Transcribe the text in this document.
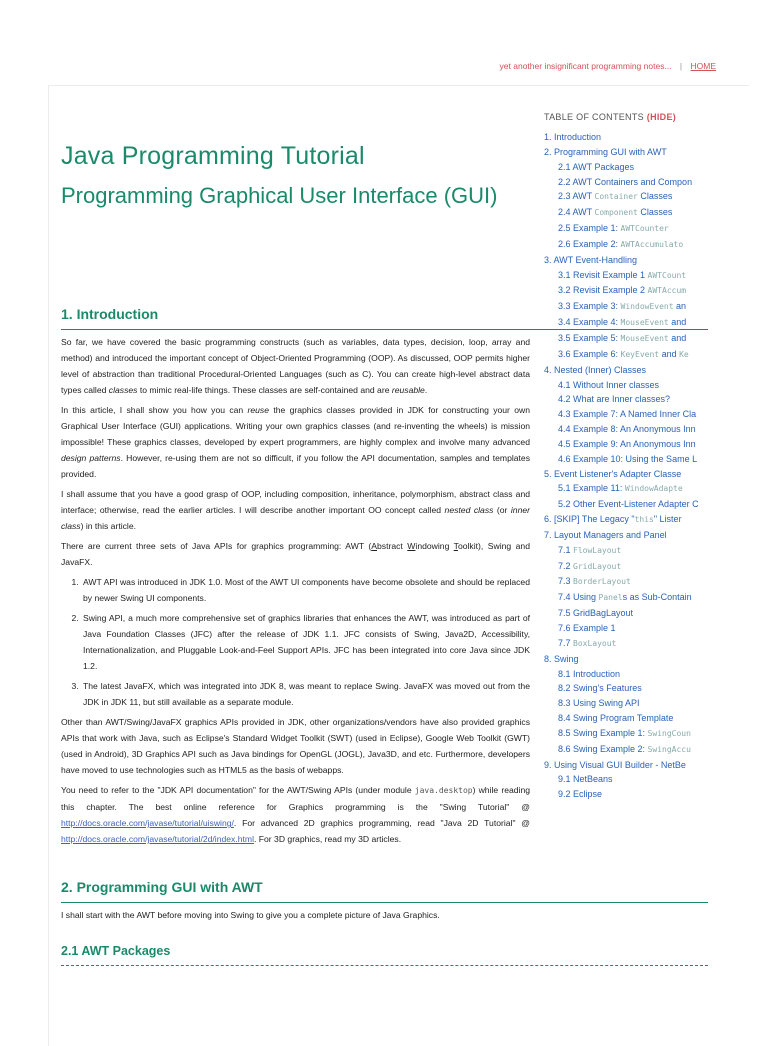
yet another insignificant programming notes... | HOME
Java Programming Tutorial
Programming Graphical User Interface (GUI)
1. Introduction

So far, we have covered the basic programming constructs (such as variables, data types, decision, loop, array and method) and introduced the important concept of Object-Oriented Programming (OOP). As discussed, OOP permits higher level of abstraction than traditional Procedural-Oriented Languages (such as C). You can create high-level abstract data types called classes to mimic real-life things. These classes are self-contained and are reusable.

In this article, I shall show you how you can reuse the graphics classes provided in JDK for constructing your own Graphical User Interface (GUI) applications. Writing your own graphics classes (and re-inventing the wheels) is mission impossible! These graphics classes, developed by expert programmers, are highly complex and involve many advanced design patterns. However, re-using them are not so difficult, if you follow the API documentation, samples and templates provided.

I shall assume that you have a good grasp of OOP, including composition, inheritance, polymorphism, abstract class and interface; otherwise, read the earlier articles. I will describe another important OO concept called nested class (or inner class) in this article.

There are current three sets of Java APIs for graphics programming: AWT (Abstract Windowing Toolkit), Swing and JavaFX.

1. AWT API was introduced in JDK 1.0. Most of the AWT UI components have become obsolete and should be replaced by newer Swing UI components.
2. Swing API, a much more comprehensive set of graphics libraries that enhances the AWT, was introduced as part of Java Foundation Classes (JFC) after the release of JDK 1.1. JFC consists of Swing, Java2D, Accessibility, Internationalization, and Pluggable Look-and-Feel Support APIs. JFC has been integrated into core Java since JDK 1.2.
3. The latest JavaFX, which was integrated into JDK 8, was meant to replace Swing. JavaFX was moved out from the JDK in JDK 11, but still available as a separate module.

Other than AWT/Swing/JavaFX graphics APIs provided in JDK, other organizations/vendors have also provided graphics APIs that work with Java, such as Eclipse's Standard Widget Toolkit (SWT) (used in Eclipse), Google Web Toolkit (GWT) (used in Android), 3D Graphics API such as Java bindings for OpenGL (JOGL), Java3D, and etc. Furthermore, developers have moved to use technologies such as HTML5 as the basis of webapps.

You need to refer to the "JDK API documentation" for the AWT/Swing APIs (under module java.desktop) while reading this chapter. The best online reference for Graphics programming is the "Swing Tutorial" @ http://docs.oracle.com/javase/tutorial/uiswing/. For advanced 2D graphics programming, read "Java 2D Tutorial" @ http://docs.oracle.com/javase/tutorial/2d/index.html. For 3D graphics, read my 3D articles.

2. Programming GUI with AWT

I shall start with the AWT before moving into Swing to give you a complete picture of Java Graphics.

2.1 AWT Packages
TABLE OF CONTENTS (HIDE)
1. Introduction
2. Programming GUI with AWT
2.1 AWT Packages
2.2 AWT Containers and Compon
2.3 AWT Container Classes
2.4 AWT Component Classes
2.5 Example 1: AWTCounter
2.6 Example 2: AWTAccumulato
3. AWT Event-Handling
3.1 Revisit Example 1 AWTCount
3.2 Revisit Example 2 AWTAccum
3.3 Example 3: WindowEvent an
3.4 Example 4: MouseEvent and
3.5 Example 5: MouseEvent and
3.6 Example 6: KeyEvent and Ke
4. Nested (Inner) Classes
4.1 Without Inner classes
4.2 What are Inner classes?
4.3 Example 7: A Named Inner Cla
4.4 Example 8: An Anonymous Inn
4.5 Example 9: An Anonymous Inn
4.6 Example 10: Using the Same L
5. Event Listener's Adapter Classe
5.1 Example 11: WindowAdapte
5.2 Other Event-Listener Adapter C
6. [SKIP] The Legacy "this" Lister
7. Layout Managers and Panel
7.1 FlowLayout
7.2 GridLayout
7.3 BorderLayout
7.4 Using Panels as Sub-Contain
7.5 GridBagLayout
7.6 Example 1
7.7 BoxLayout
8. Swing
8.1 Introduction
8.2 Swing's Features
8.3 Using Swing API
8.4 Swing Program Template
8.5 Swing Example 1: SwingCoun
8.6 Swing Example 2: SwingAccu
9. Using Visual GUI Builder - NetBe
9.1 NetBeans
9.2 Eclipse
